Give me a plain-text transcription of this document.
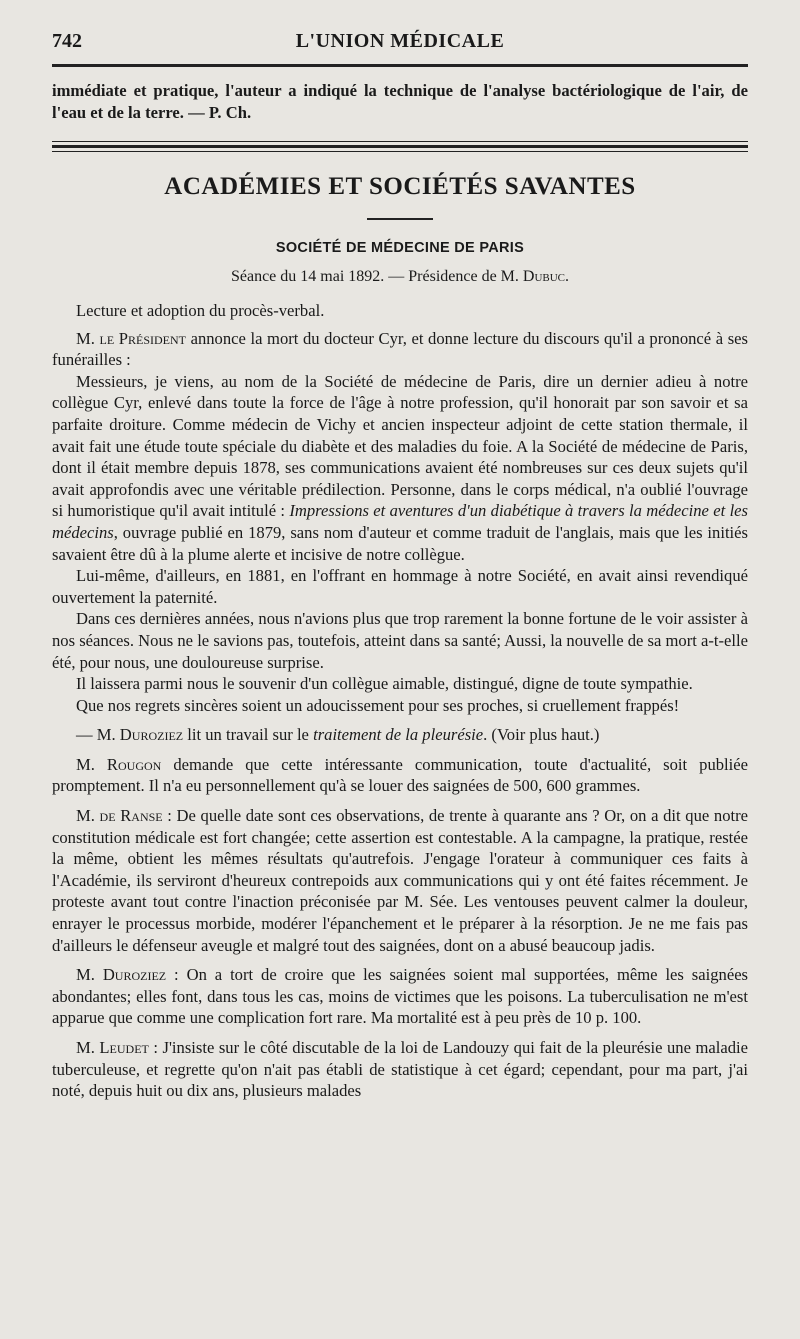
742	L'UNION MÉDICALE
immédiate et pratique, l'auteur a indiqué la technique de l'analyse bactériologique de l'air, de l'eau et de la terre. — P. Ch.
ACADÉMIES ET SOCIÉTÉS SAVANTES
SOCIÉTÉ DE MÉDECINE DE PARIS
Séance du 14 mai 1892. — Présidence de M. Dubuc.

Lecture et adoption du procès-verbal.

M. le Président annonce la mort du docteur Cyr, et donne lecture du discours qu'il a prononcé à ses funérailles :

Messieurs, je viens, au nom de la Société de médecine de Paris, dire un dernier adieu à notre collègue Cyr, enlevé dans toute la force de l'âge à notre profession, qu'il honorait par son savoir et sa parfaite droiture. Comme médecin de Vichy et ancien inspecteur adjoint de cette station thermale, il avait fait une étude toute spéciale du diabète et des maladies du foie. A la Société de médecine de Paris, dont il était membre depuis 1878, ses communications avaient été nombreuses sur ces deux sujets qu'il avait approfondis avec une véritable prédilection. Personne, dans le corps médical, n'a oublié l'ouvrage si humoristique qu'il avait intitulé : Impressions et aventures d'un diabétique à travers la médecine et les médecins, ouvrage publié en 1879, sans nom d'auteur et comme traduit de l'anglais, mais que les initiés savaient être dû à la plume alerte et incisive de notre collègue.

Lui-même, d'ailleurs, en 1881, en l'offrant en hommage à notre Société, en avait ainsi revendiqué ouvertement la paternité.

Dans ces dernières années, nous n'avions plus que trop rarement la bonne fortune de le voir assister à nos séances. Nous ne le savions pas, toutefois, atteint dans sa santé; Aussi, la nouvelle de sa mort a-t-elle été, pour nous, une douloureuse surprise.

Il laissera parmi nous le souvenir d'un collègue aimable, distingué, digne de toute sympathie.

Que nos regrets sincères soient un adoucissement pour ses proches, si cruellement frappés!

— M. Duroziez lit un travail sur le traitement de la pleurésie. (Voir plus haut.)

M. Rougon demande que cette intéressante communication, toute d'actualité, soit publiée promptement. Il n'a eu personnellement qu'à se louer des saignées de 500, 600 grammes.

M. de Ranse : De quelle date sont ces observations, de trente à quarante ans ? Or, on a dit que notre constitution médicale est fort changée; cette assertion est contestable. A la campagne, la pratique, restée la même, obtient les mêmes résultats qu'autrefois. J'engage l'orateur à communiquer ces faits à l'Académie, ils serviront d'heureux contrepoids aux communications qui y ont été faites récemment. Je proteste avant tout contre l'inaction préconisée par M. Sée. Les ventouses peuvent calmer la douleur, enrayer le processus morbide, modérer l'épanchement et le préparer à la résorption. Je ne me fais pas d'ailleurs le défenseur aveugle et malgré tout des saignées, dont on a abusé beaucoup jadis.

M. Duroziez : On a tort de croire que les saignées soient mal supportées, même les saignées abondantes; elles font, dans tous les cas, moins de victimes que les poisons. La tuberculisation ne m'est apparue que comme une complication fort rare. Ma mortalité est à peu près de 10 p. 100.

M. Leudet : J'insiste sur le côté discutable de la loi de Landouzy qui fait de la pleurésie une maladie tuberculeuse, et regrette qu'on n'ait pas établi de statistique à cet égard; cependant, pour ma part, j'ai noté, depuis huit ou dix ans, plusieurs malades
